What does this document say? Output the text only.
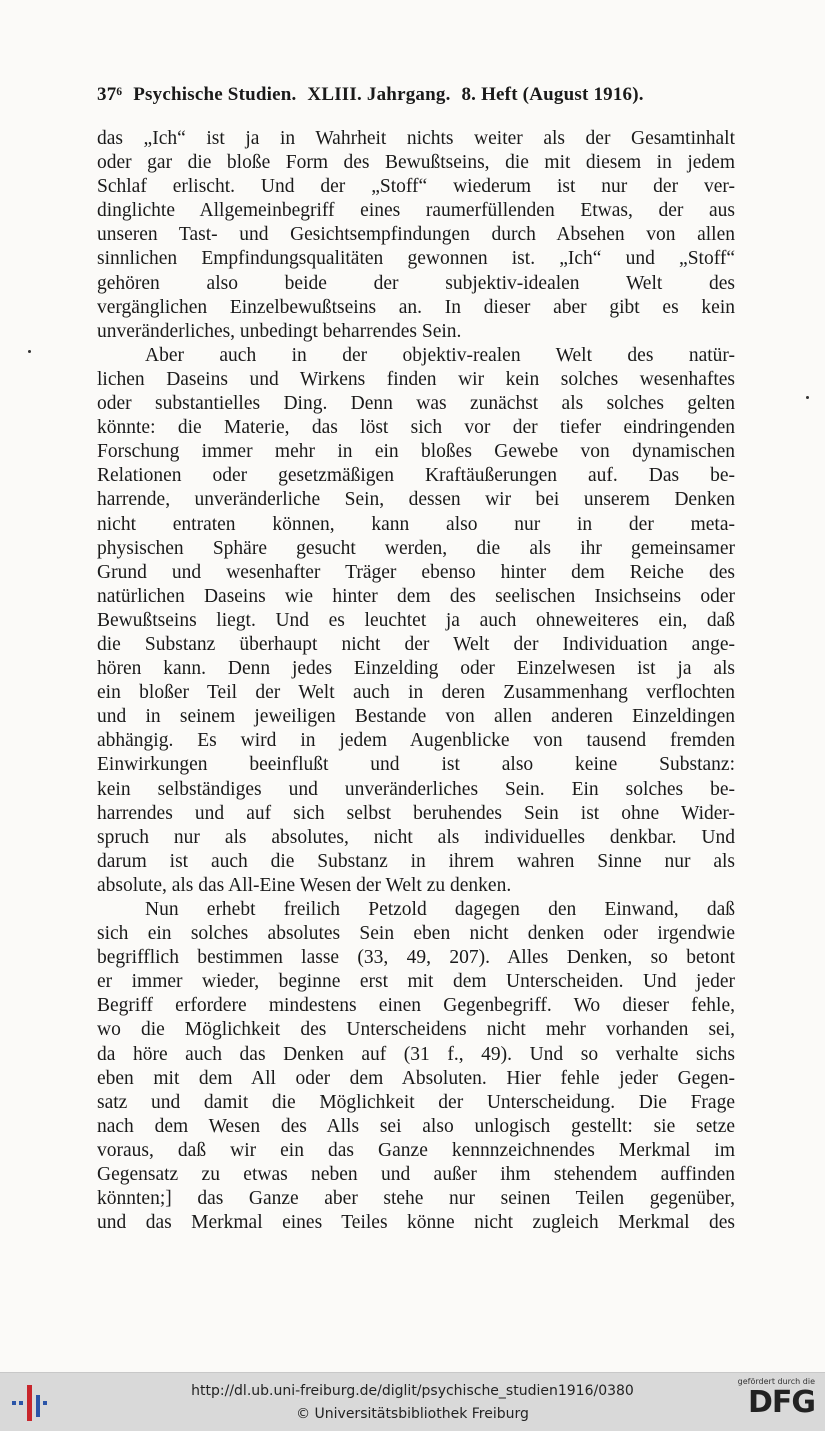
37⁶ Psychische Studien. XLIII. Jahrgang. 8. Heft (August 1916).
das „Ich“ ist ja in Wahrheit nichts weiter als der Gesamtinhalt
oder gar die bloße Form des Bewußtseins, die mit diesem in jedem
Schlaf erlischt. Und der „Stoff“ wiederum ist nur der ver-
dinglichte Allgemeinbegriff eines raumerfüllenden Etwas, der aus
unseren Tast- und Gesichtsempfindungen durch Absehen von allen
sinnlichen Empfindungsqualitäten gewonnen ist. „Ich“ und „Stoff“
gehören also beide der subjektiv-idealen Welt des
vergänglichen Einzelbewußtseins an. In dieser aber gibt es kein
unveränderliches, unbedingt beharrendes Sein.
Aber auch in der objektiv-realen Welt des natür-
lichen Daseins und Wirkens finden wir kein solches wesenhaftes
oder substantielles Ding. Denn was zunächst als solches gelten
könnte: die Materie, das löst sich vor der tiefer eindringenden
Forschung immer mehr in ein bloßes Gewebe von dynamischen
Relationen oder gesetzmäßigen Kraftäußerungen auf. Das be-
harrende, unveränderliche Sein, dessen wir bei unserem Denken
nicht entraten können, kann also nur in der meta-
physischen Sphäre gesucht werden, die als ihr gemeinsamer
Grund und wesenhafter Träger ebenso hinter dem Reiche des
natürlichen Daseins wie hinter dem des seelischen Insichseins oder
Bewußtseins liegt. Und es leuchtet ja auch ohneweiteres ein, daß
die Substanz überhaupt nicht der Welt der Individuation ange-
hören kann. Denn jedes Einzelding oder Einzelwesen ist ja als
ein bloßer Teil der Welt auch in deren Zusammenhang verflochten
und in seinem jeweiligen Bestande von allen anderen Einzeldingen
abhängig. Es wird in jedem Augenblicke von tausend fremden
Einwirkungen beeinflußt und ist also keine Substanz:
kein selbständiges und unveränderliches Sein. Ein solches be-
harrendes und auf sich selbst beruhendes Sein ist ohne Wider-
spruch nur als absolutes, nicht als individuelles denkbar. Und
darum ist auch die Substanz in ihrem wahren Sinne nur als
absolute, als das All-Eine Wesen der Welt zu denken.
Nun erhebt freilich Petzold dagegen den Einwand, daß
sich ein solches absolutes Sein eben nicht denken oder irgendwie
begrifflich bestimmen lasse (33, 49, 207). Alles Denken, so betont
er immer wieder, beginne erst mit dem Unterscheiden. Und jeder
Begriff erfordere mindestens einen Gegenbegriff. Wo dieser fehle,
wo die Möglichkeit des Unterscheidens nicht mehr vorhanden sei,
da höre auch das Denken auf (31 f., 49). Und so verhalte sichs
eben mit dem All oder dem Absoluten. Hier fehle jeder Gegen-
satz und damit die Möglichkeit der Unterscheidung. Die Frage
nach dem Wesen des Alls sei also unlogisch gestellt: sie setze
voraus, daß wir ein das Ganze kennnzeichnendes Merkmal im
Gegensatz zu etwas neben und außer ihm stehendem auffinden
könnten;] das Ganze aber stehe nur seinen Teilen gegenüber,
und das Merkmal eines Teiles könne nicht zugleich Merkmal des
http://dl.ub.uni-freiburg.de/diglit/psychische_studien1916/0380
© Universitätsbibliothek Freiburg
gefördert durch die
DFG
